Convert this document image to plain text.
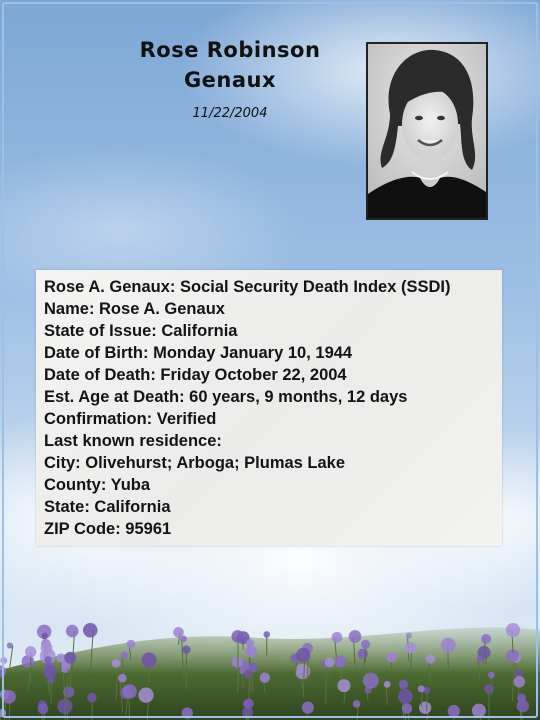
Rose Robinson
Genaux
11/22/2004
Rose A. Genaux: Social Security Death Index (SSDI)
Name: Rose A. Genaux
State of Issue: California
Date of Birth: Monday January 10, 1944
Date of Death: Friday October 22, 2004
Est. Age at Death: 60 years, 9 months, 12 days
Confirmation: Verified
Last known residence:
City: Olivehurst; Arboga; Plumas Lake
County: Yuba
State: California
ZIP Code: 95961
